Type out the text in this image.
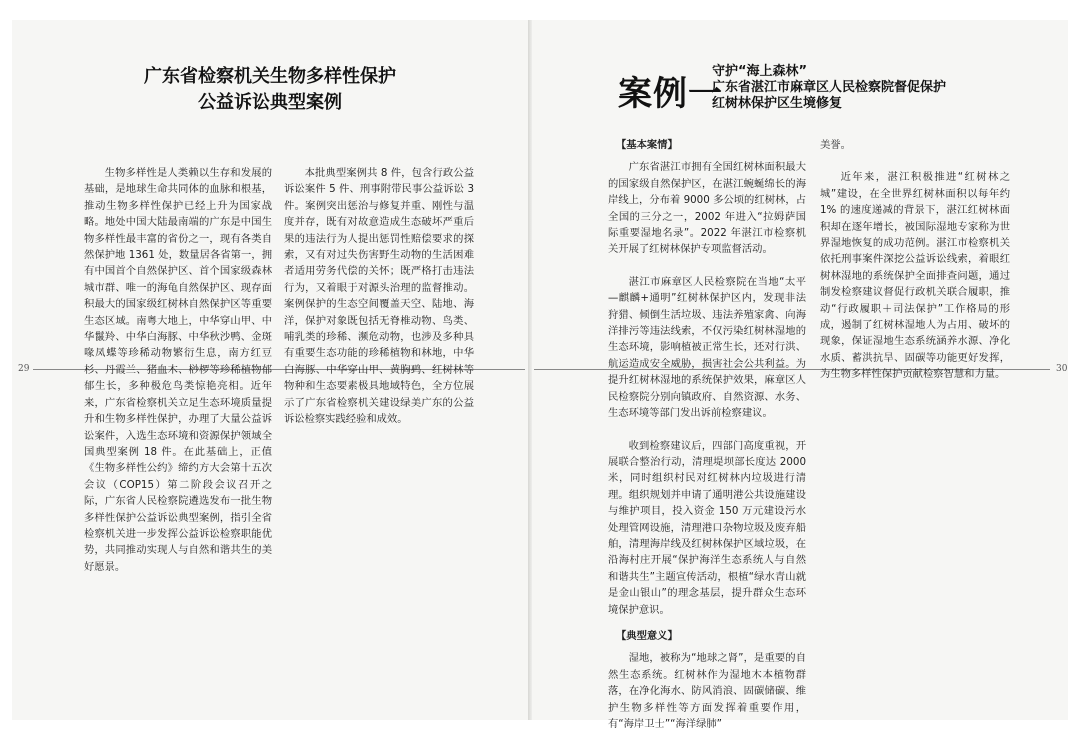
29	30
广东省检察机关生物多样性保护
公益诉讼典型案例

生物多样性是人类赖以生存和发展的基础，是地球生命共同体的血脉和根基，推动生物多样性保护已经上升为国家战略。地处中国大陆最南端的广东是中国生物多样性最丰富的省份之一，现有各类自然保护地 1361 处，数量居各省第一，拥有中国首个自然保护区、首个国家级森林城市群、唯一的海龟自然保护区、现存面积最大的国家级红树林自然保护区等重要生态区域。南粤大地上，中华穿山甲、中华鬣羚、中华白海豚、中华秋沙鸭、金斑喙凤蝶等珍稀动物繁衍生息，南方红豆杉、丹霞兰、猪血木、桫椤等珍稀植物郁郁生长，多种极危鸟类惊艳亮相。近年来，广东省检察机关立足生态环境质量提升和生物多样性保护，办理了大量公益诉讼案件，入选生态环境和资源保护领域全国典型案例 18 件。在此基础上，正值《生物多样性公约》缔约方大会第十五次会议（COP15）第二阶段会议召开之际，广东省人民检察院遴选发布一批生物多样性保护公益诉讼典型案例，指引全省检察机关进一步发挥公益诉讼检察职能优势，共同推动实现人与自然和谐共生的美好愿景。

本批典型案例共 8 件，包含行政公益诉讼案件 5 件、刑事附带民事公益诉讼 3 件。案例突出惩治与修复并重、刚性与温度并存，既有对故意造成生态破坏严重后果的违法行为人提出惩罚性赔偿要求的探索，又有对过失伤害野生动物的生活困难者适用劳务代偿的关怀；既严格打击违法行为，又着眼于对源头治理的监督推动。案例保护的生态空间覆盖天空、陆地、海洋，保护对象既包括无脊椎动物、鸟类、哺乳类的珍稀、濒危动物，也涉及多种具有重要生态功能的珍稀植物和林地，中华白海豚、中华穿山甲、黄胸鹀、红树林等物种和生态要素极具地域特色，全方位展示了广东省检察机关建设绿美广东的公益诉讼检察实践经验和成效。

案例一
守护“海上森林”
广东省湛江市麻章区人民检察院督促保护
红树林保护区生境修复
【基本案情】

广东省湛江市拥有全国红树林面积最大的国家级自然保护区，在湛江蜿蜒绵长的海岸线上，分布着 9000 多公顷的红树林，占全国的三分之一，2002 年进入“拉姆萨国际重要湿地名录”。2022 年湛江市检察机关开展了红树林保护专项监督活动。

湛江市麻章区人民检察院在当地“太平—麒麟+通明”红树林保护区内，发现非法狩猎、倾倒生活垃圾、违法养殖家禽、向海洋排污等违法线索，不仅污染红树林湿地的生态环境，影响植被正常生长，还对行洪、航运造成安全威胁，损害社会公共利益。为提升红树林湿地的系统保护效果，麻章区人民检察院分别向镇政府、自然资源、水务、生态环境等部门发出诉前检察建议。

收到检察建议后，四部门高度重视，开展联合整治行动，清理堤坝部长度达 2000 米，同时组织村民对红树林内垃圾进行清理。组织规划并申请了通明港公共设施建设与维护项目，投入资金 150 万元建设污水处理管网设施，清理港口杂物垃圾及废弃船舶，清理海岸线及红树林保护区域垃圾，在沿海村庄开展“保护海洋生态系统人与自然和谐共生”主题宣传活动，根植“绿水青山就是金山银山”的理念基层，提升群众生态环境保护意识。

【典型意义】

湿地，被称为“地球之肾”，是重要的自然生态系统。红树林作为湿地木本植物群落，在净化海水、防风消浪、固碳储碳、维护生物多样性等方面发挥着重要作用，有“海岸卫士”“海洋绿肺”

美誉。

近年来，湛江积极推进“红树林之城”建设，在全世界红树林面积以每年约 1% 的速度递减的背景下，湛江红树林面积却在逐年增长，被国际湿地专家称为世界湿地恢复的成功范例。湛江市检察机关依托刑事案件深挖公益诉讼线索，着眼红树林湿地的系统保护全面排查问题，通过制发检察建议督促行政机关联合履职，推动“行政履职＋司法保护”工作格局的形成，遏制了红树林湿地人为占用、破坏的现象，保证湿地生态系统涵养水源、净化水质、蓄洪抗旱、固碳等功能更好发挥，为生物多样性保护贡献检察智慧和力量。
